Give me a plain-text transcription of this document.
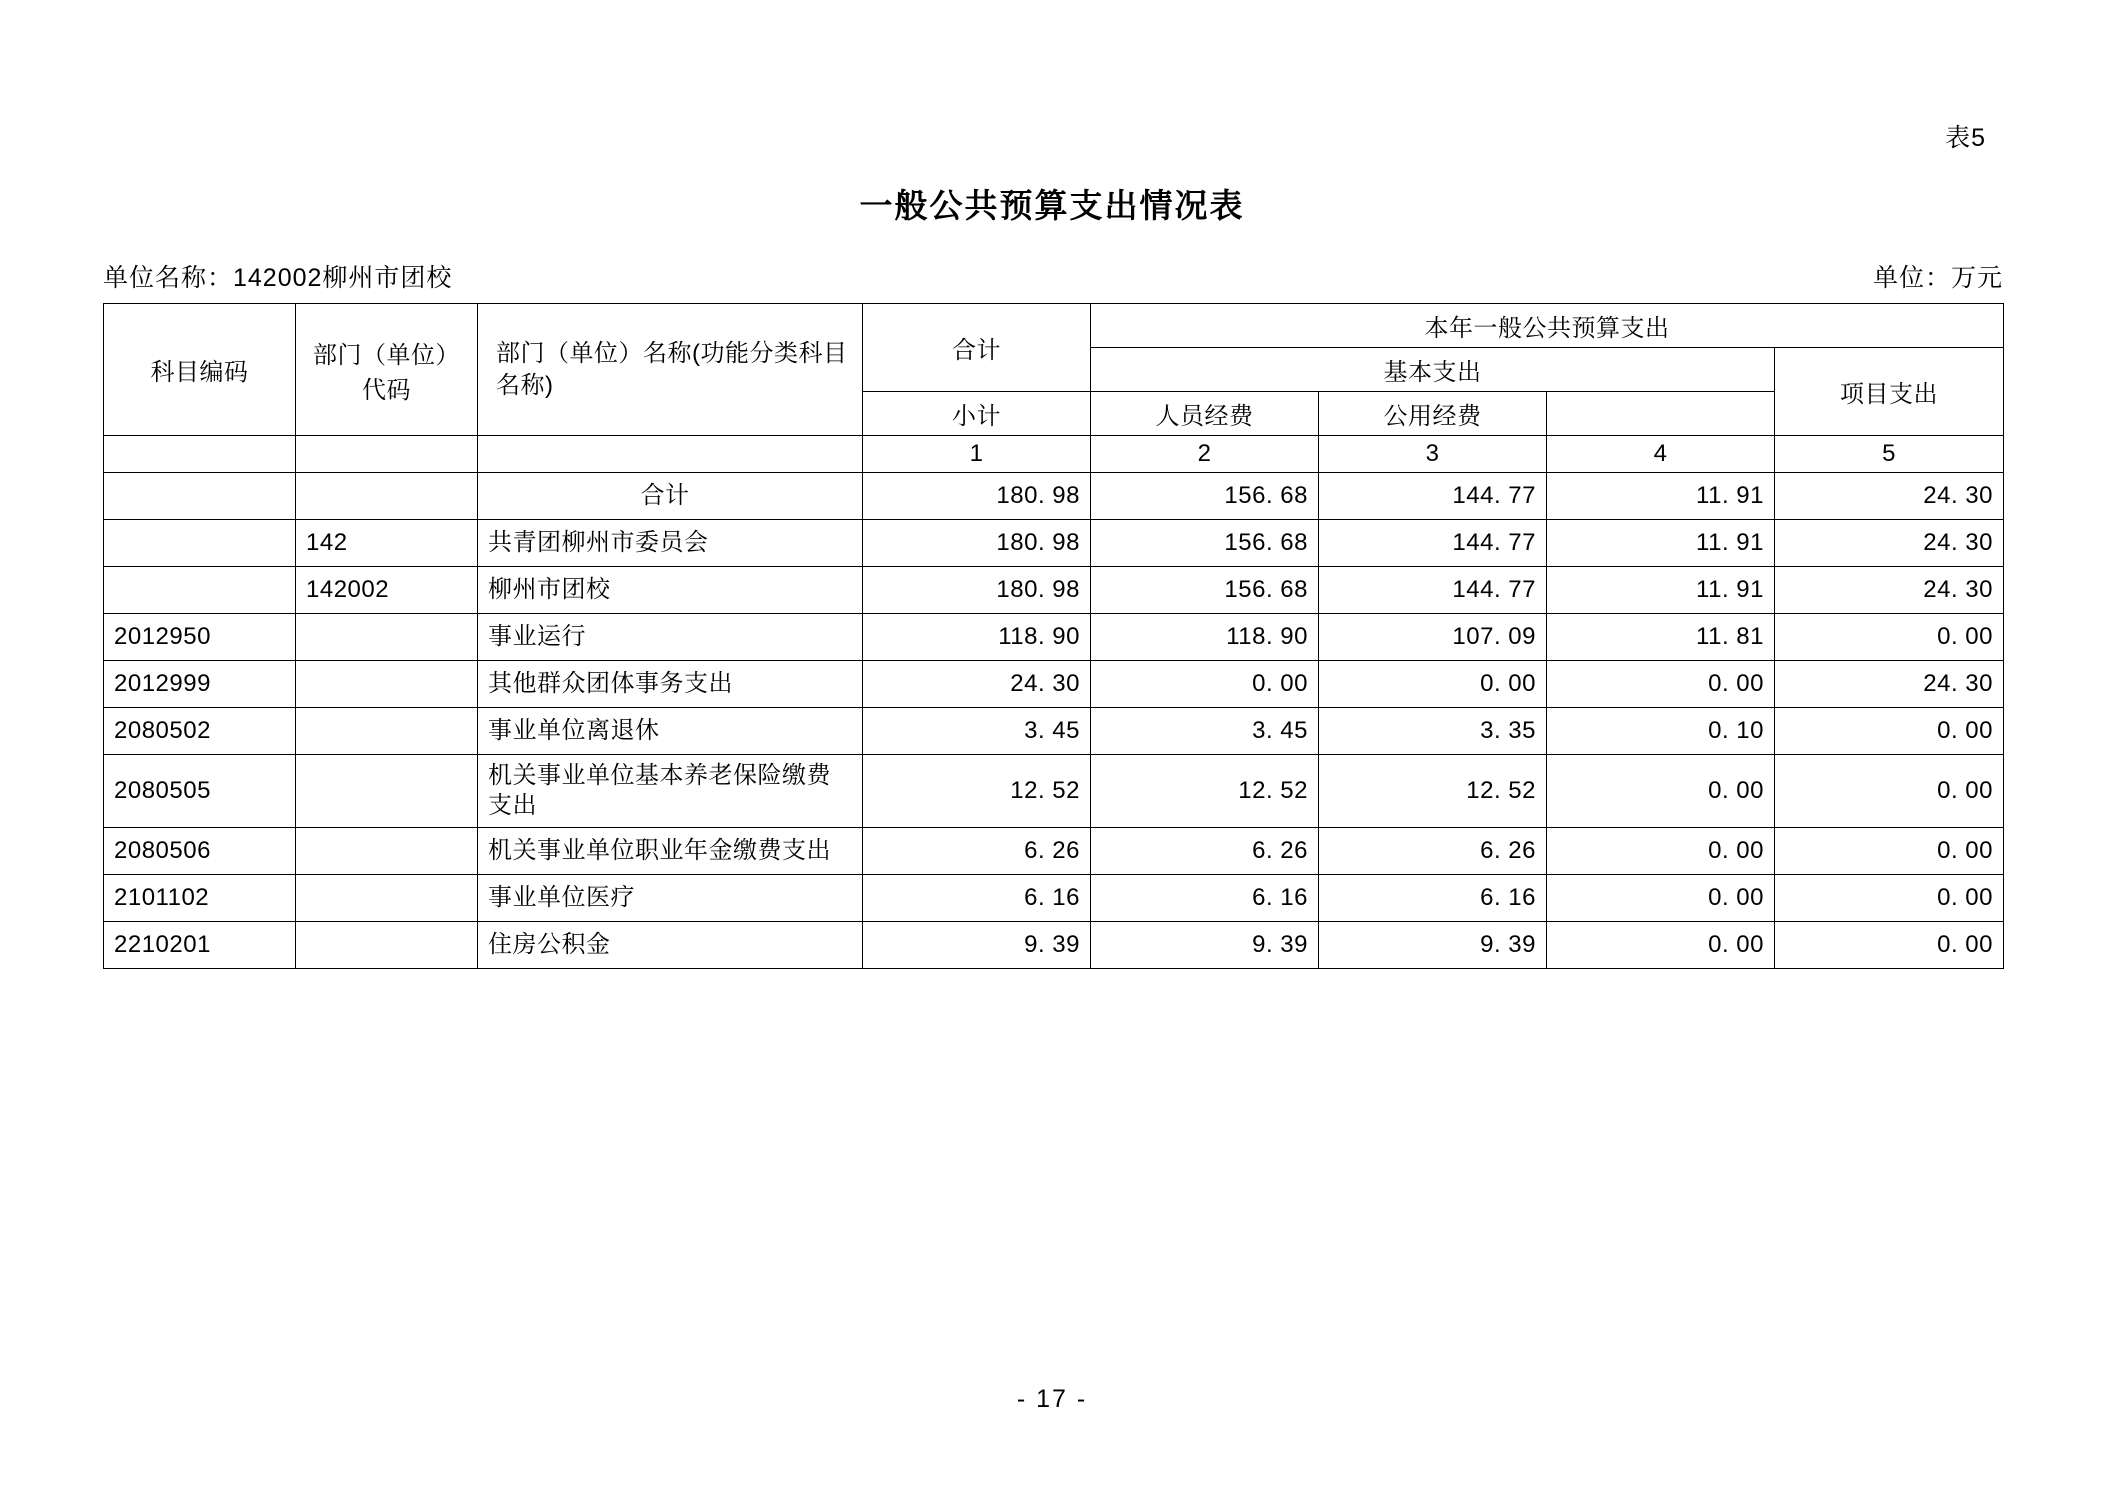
表5
一般公共预算支出情况表
单位名称：142002柳州市团校	单位：万元
科目编码	部门（单位）代码	部门（单位）名称(功能分类科目名称)	合计	本年一般公共预算支出			
				基本支出			项目支出
			小计	人员经费	公用经费		
			1	2	3	4	5
		合计	180. 98	156. 68	144. 77	11. 91	24. 30
	142	共青团柳州市委员会	180. 98	156. 68	144. 77	11. 91	24. 30
	142002	柳州市团校	180. 98	156. 68	144. 77	11. 91	24. 30
2012950		事业运行	118. 90	118. 90	107. 09	11. 81	0. 00
2012999		其他群众团体事务支出	24. 30	0. 00	0. 00	0. 00	24. 30
2080502		事业单位离退休	3. 45	3. 45	3. 35	0. 10	0. 00
2080505		机关事业单位基本养老保险缴费支出	12. 52	12. 52	12. 52	0. 00	0. 00
2080506		机关事业单位职业年金缴费支出	6. 26	6. 26	6. 26	0. 00	0. 00
2101102		事业单位医疗	6. 16	6. 16	6. 16	0. 00	0. 00
2210201		住房公积金	9. 39	9. 39	9. 39	0. 00	0. 00
- 17 -
